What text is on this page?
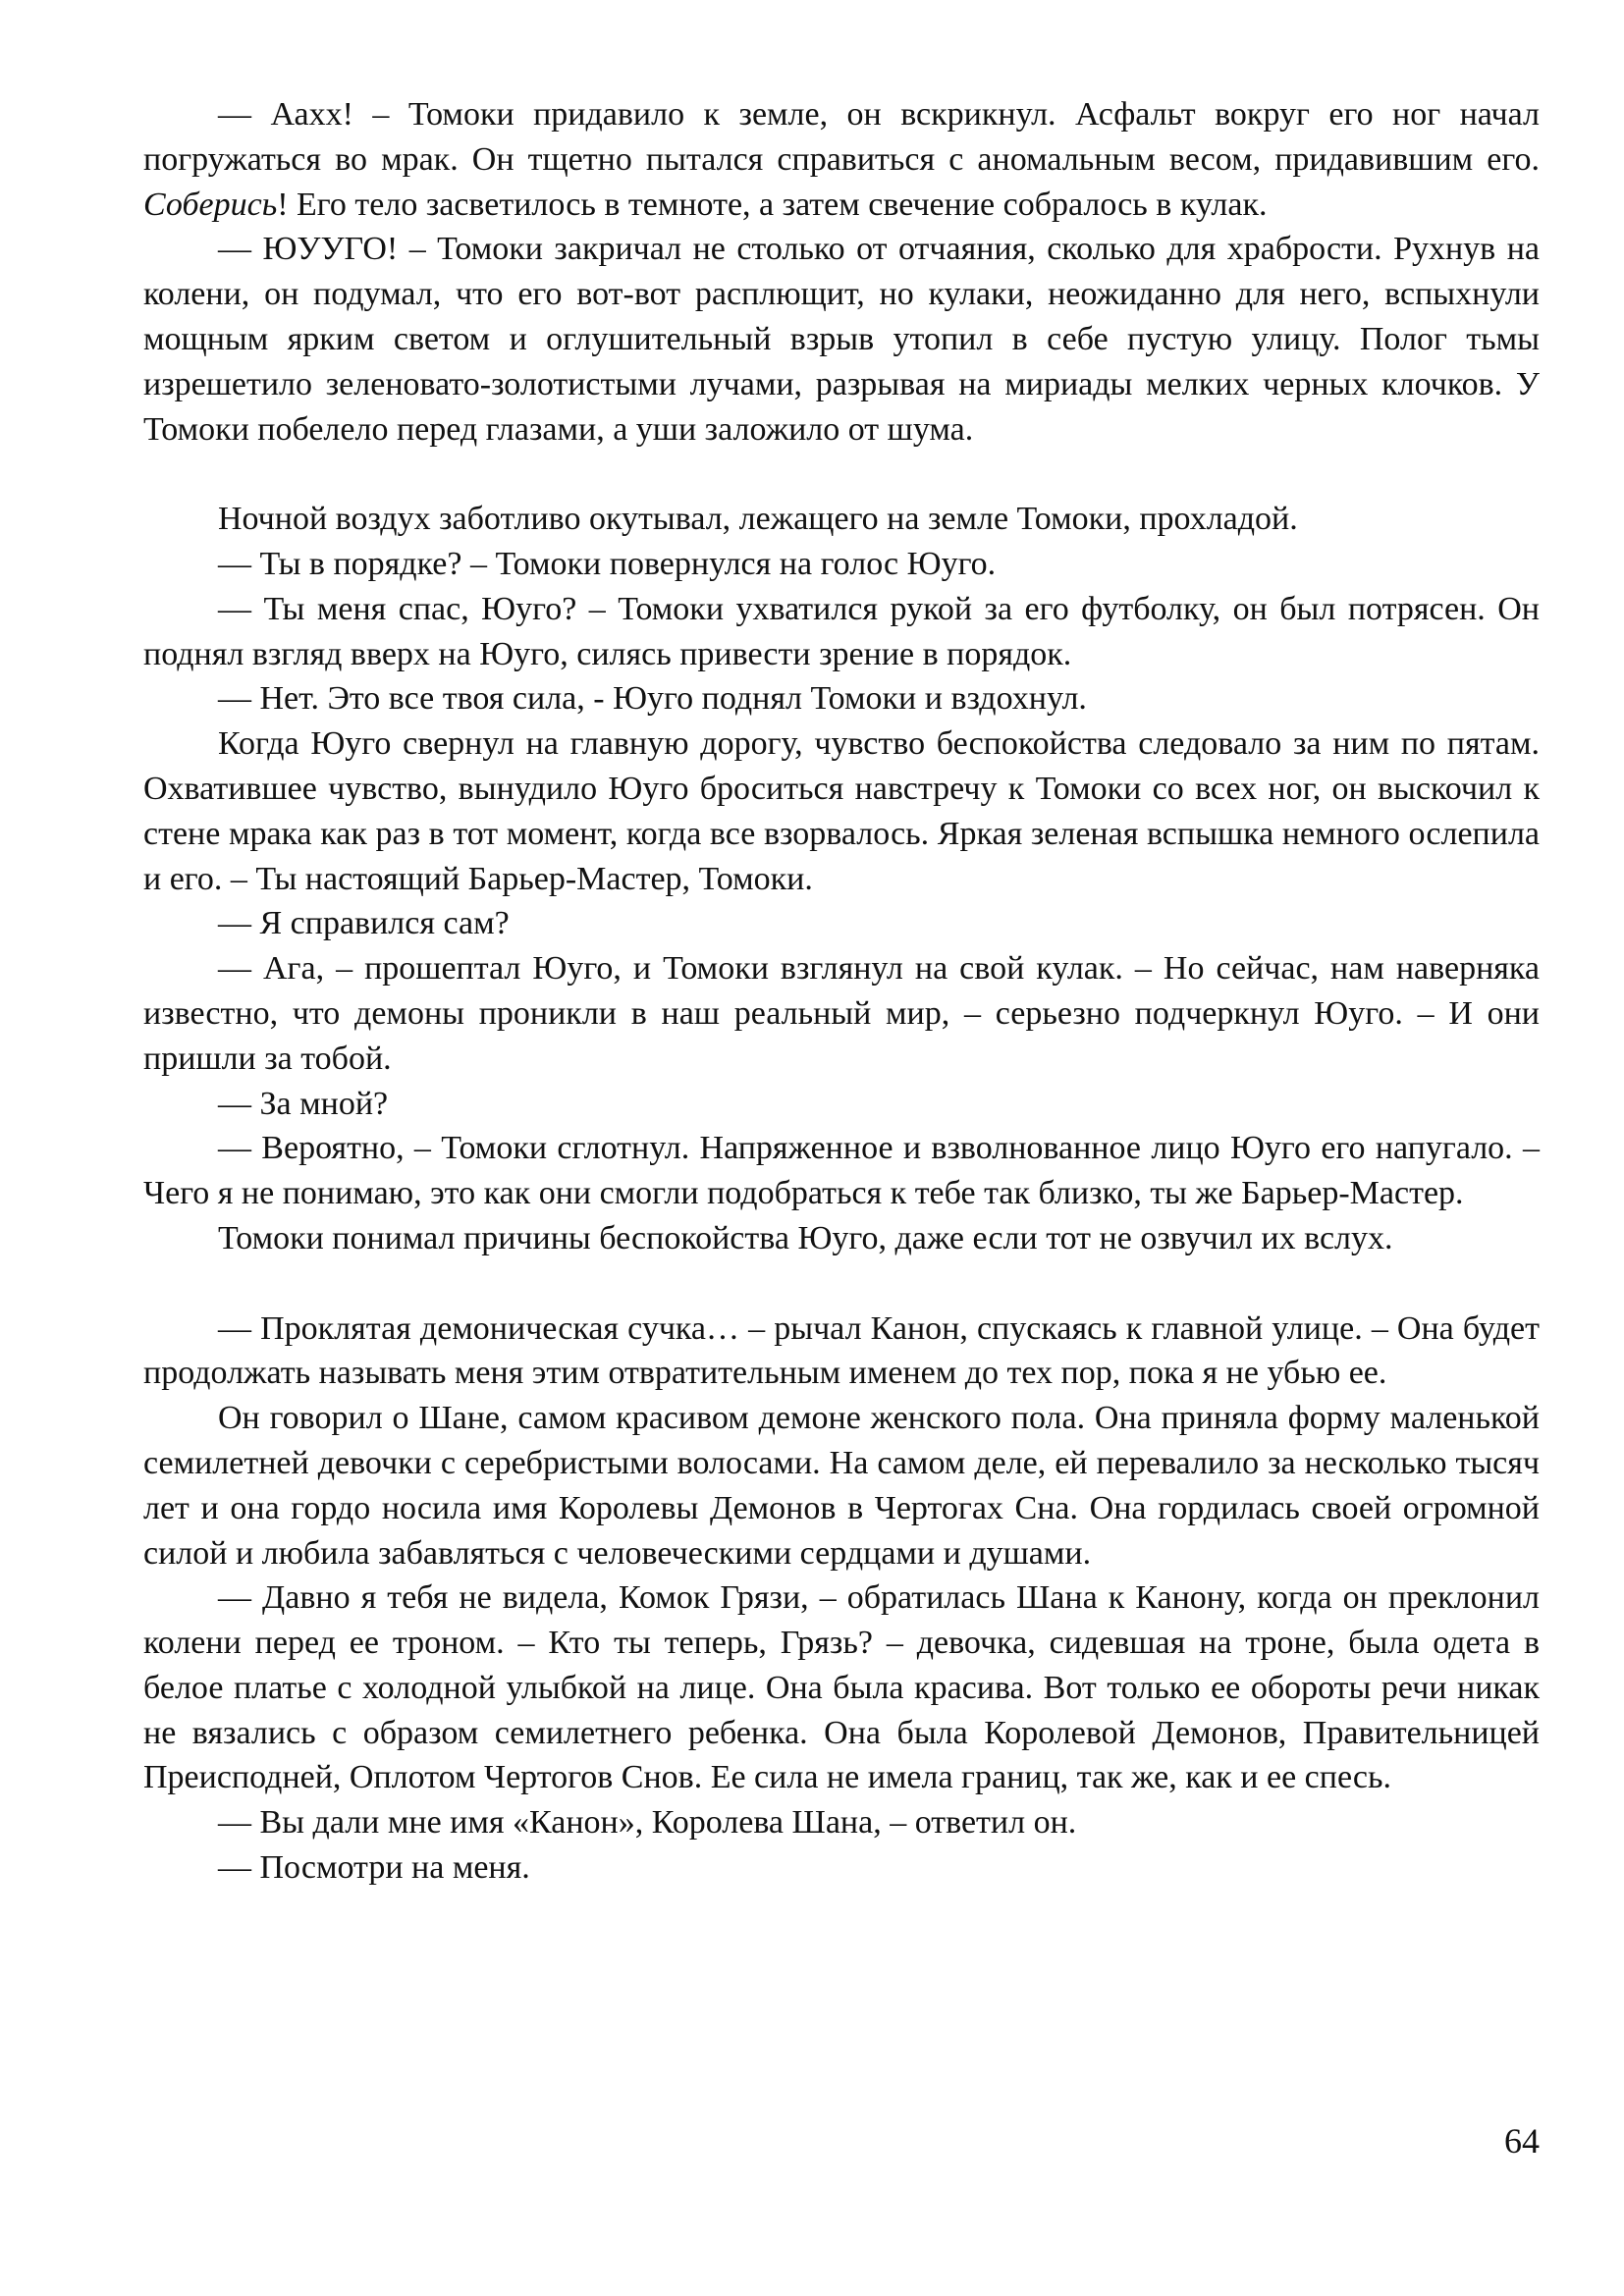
— Аахх! – Томоки придавило к земле, он вскрикнул. Асфальт вокруг его ног начал погружаться во мрак. Он тщетно пытался справиться с аномальным весом, придавившим его. Соберись! Его тело засветилось в темноте, а затем свечение собралось в кулак.

— ЮУУГО! – Томоки закричал не столько от отчаяния, сколько для храбрости. Рухнув на колени, он подумал, что его вот-вот расплющит, но кулаки, неожиданно для него, вспыхнули мощным ярким светом и оглушительный взрыв утопил в себе пустую улицу. Полог тьмы изрешетило зеленовато-золотистыми лучами, разрывая на мириады мелких черных клочков. У Томоки побелело перед глазами, а уши заложило от шума.

Ночной воздух заботливо окутывал, лежащего на земле Томоки, прохладой.

— Ты в порядке? – Томоки повернулся на голос Юуго.

— Ты меня спас, Юуго? – Томоки ухватился рукой за его футболку, он был потрясен. Он поднял взгляд вверх на Юуго, силясь привести зрение в порядок.

— Нет. Это все твоя сила, - Юуго поднял Томоки и вздохнул.

Когда Юуго свернул на главную дорогу, чувство беспокойства следовало за ним по пятам. Охватившее чувство, вынудило Юуго броситься навстречу к Томоки со всех ног, он выскочил к стене мрака как раз в тот момент, когда все взорвалось. Яркая зеленая вспышка немного ослепила и его. – Ты настоящий Барьер-Мастер, Томоки.

— Я справился сам?

— Ага, – прошептал Юуго, и Томоки взглянул на свой кулак. – Но сейчас, нам наверняка известно, что демоны проникли в наш реальный мир, – серьезно подчеркнул Юуго. – И они пришли за тобой.

— За мной?

— Вероятно, – Томоки сглотнул. Напряженное и взволнованное лицо Юуго его напугало. – Чего я не понимаю, это как они смогли подобраться к тебе так близко, ты же Барьер-Мастер.

Томоки понимал причины беспокойства Юуго, даже если тот не озвучил их вслух.

— Проклятая демоническая сучка… – рычал Канон, спускаясь к главной улице. – Она будет продолжать называть меня этим отвратительным именем до тех пор, пока я не убью ее.

Он говорил о Шане, самом красивом демоне женского пола. Она приняла форму маленькой семилетней девочки с серебристыми волосами. На самом деле, ей перевалило за несколько тысяч лет и она гордо носила имя Королевы Демонов в Чертогах Сна. Она гордилась своей огромной силой и любила забавляться с человеческими сердцами и душами.

— Давно я тебя не видела, Комок Грязи, – обратилась Шана к Канону, когда он преклонил колени перед ее троном. – Кто ты теперь, Грязь? – девочка, сидевшая на троне, была одета в белое платье с холодной улыбкой на лице. Она была красива. Вот только ее обороты речи никак не вязались с образом семилетнего ребенка. Она была Королевой Демонов, Правительницей Преисподней, Оплотом Чертогов Снов. Ее сила не имела границ, так же, как и ее спесь.

— Вы дали мне имя «Канон», Королева Шана, – ответил он.

— Посмотри на меня.

64
